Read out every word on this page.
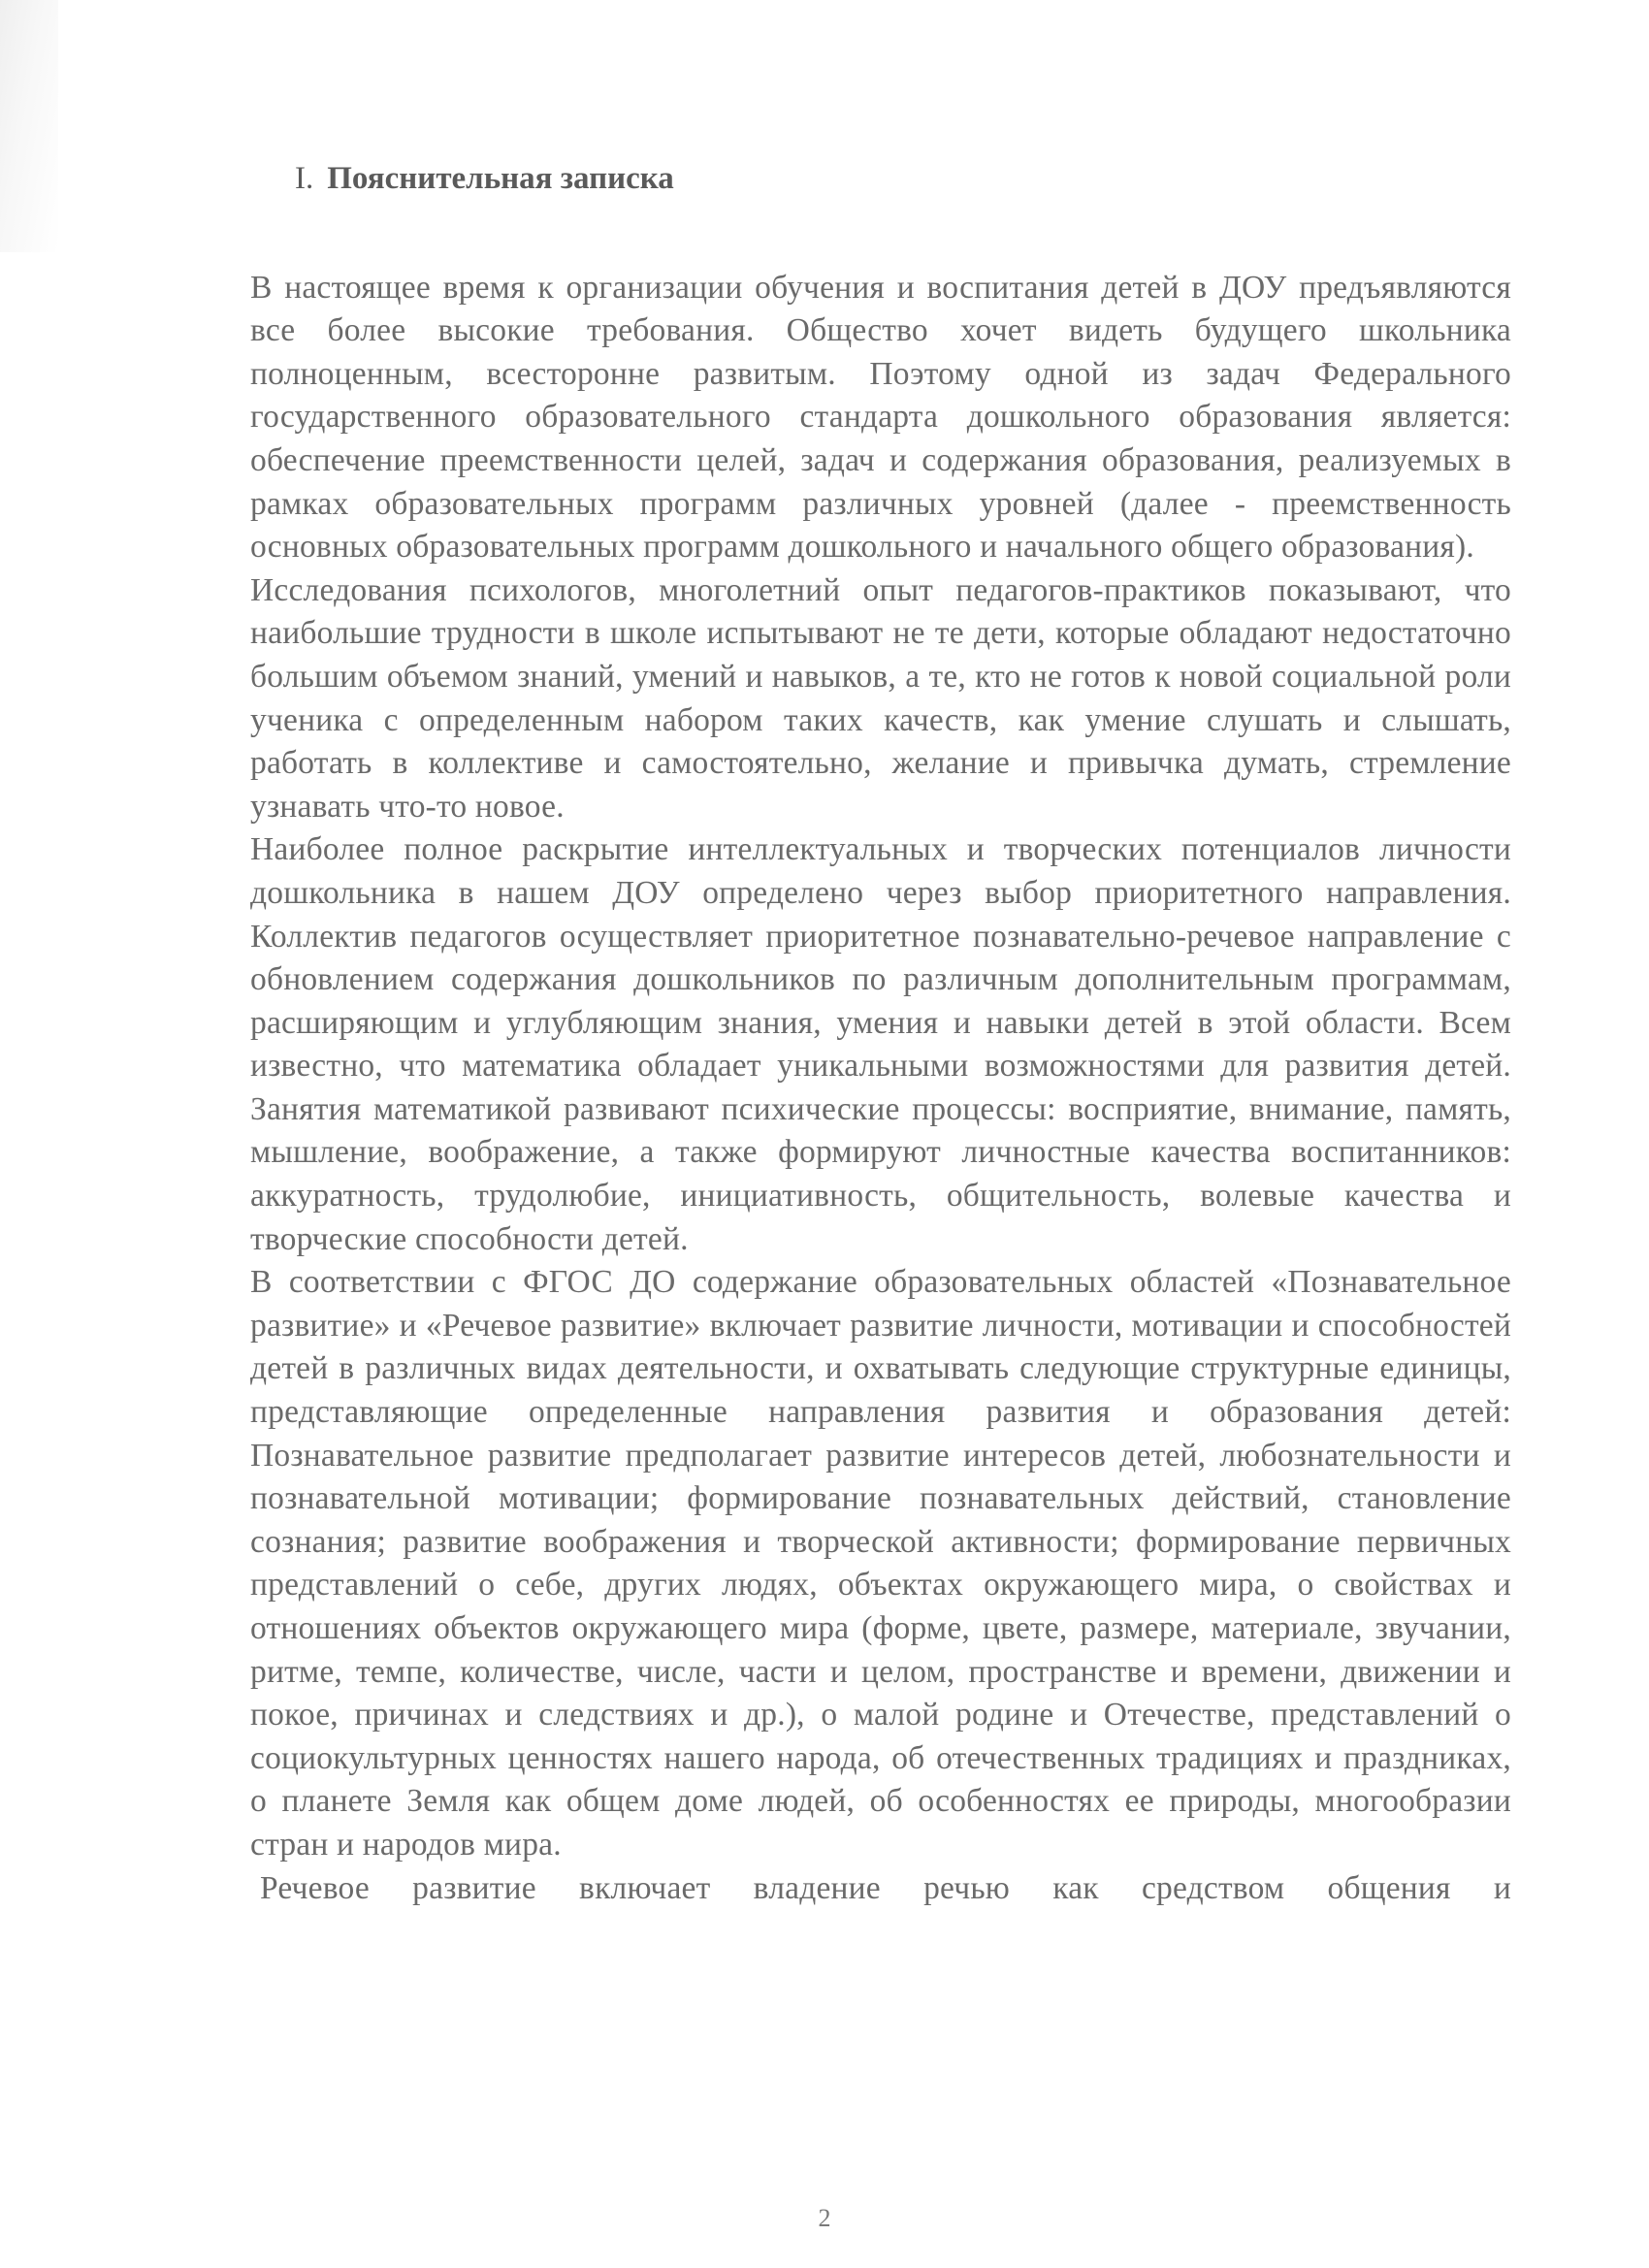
I. Пояснительная записка

В настоящее время к организации обучения и воспитания детей в ДОУ предъявляются все более высокие требования. Общество хочет видеть будущего школьника полноценным, всесторонне развитым. Поэтому одной из задач Федерального государственного образовательного стандарта дошкольного образования является:

обеспечение преемственности целей, задач и содержания образования, реализуемых в рамках образовательных программ различных уровней (далее - преемственность основных образовательных программ дошкольного и начального общего образования).

Исследования психологов, многолетний опыт педагогов-практиков показывают, что наибольшие трудности в школе испытывают не те дети, которые обладают недостаточно большим объемом знаний, умений и навыков, а те, кто не готов к новой социальной роли ученика с определенным набором таких качеств, как умение слушать и слышать, работать в коллективе и самостоятельно, желание и привычка думать, стремление узнавать что-то новое.

Наиболее полное раскрытие интеллектуальных и творческих потенциалов личности дошкольника в нашем ДОУ определено через выбор приоритетного направления. Коллектив педагогов осуществляет приоритетное познавательно-речевое направление с обновлением содержания дошкольников по различным дополнительным программам, расширяющим и углубляющим знания, умения и навыки детей в этой области. Всем известно, что математика обладает уникальными возможностями для развития детей. Занятия математикой развивают психические процессы: восприятие, внимание, память, мышление, воображение, а также формируют личностные качества воспитанников: аккуратность, трудолюбие, инициативность, общительность, волевые качества и творческие способности детей.

В соответствии с ФГОС ДО содержание образовательных областей «Познавательное развитие» и «Речевое развитие» включает развитие личности, мотивации и способностей детей в различных видах деятельности, и охватывать следующие структурные единицы, представляющие определенные направления развития и образования детей:

Познавательное развитие предполагает развитие интересов детей, любознательности и познавательной мотивации; формирование познавательных действий, становление сознания; развитие воображения и творческой активности; формирование первичных представлений о себе, других людях, объектах окружающего мира, о свойствах и отношениях объектов окружающего мира (форме, цвете, размере, материале, звучании, ритме, темпе, количестве, числе, части и целом, пространстве и времени, движении и покое, причинах и следствиях и др.), о малой родине и Отечестве, представлений о социокультурных ценностях нашего народа, об отечественных традициях и праздниках, о планете Земля как общем доме людей, об особенностях ее природы, многообразии стран и народов мира.

Речевое развитие включает владение речью как средством общения и

2
